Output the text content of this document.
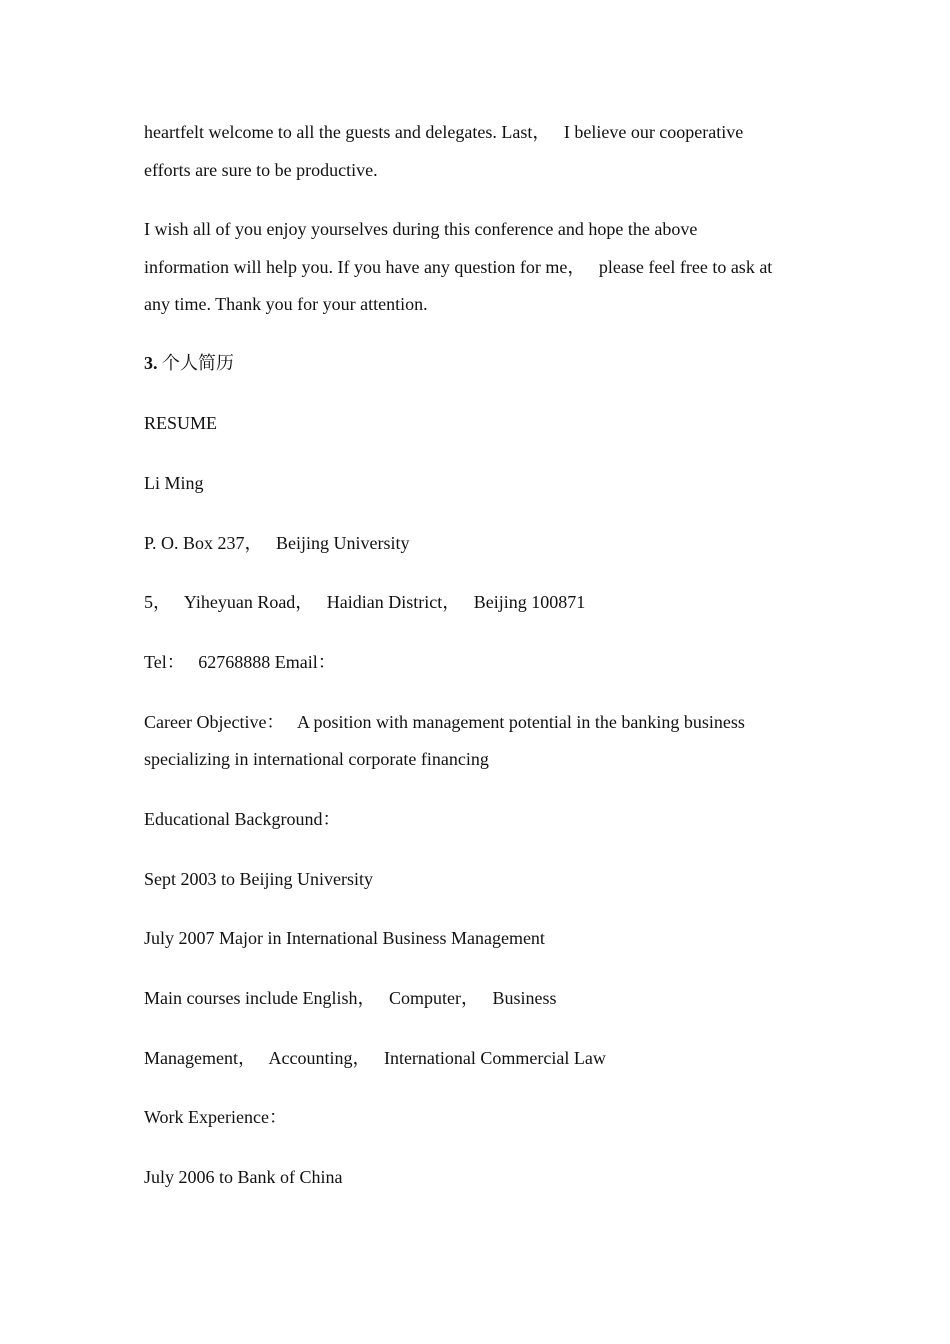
heartfelt welcome to all the guests and delegates. Last，   I believe our cooperative
efforts are sure to be productive.
I wish all of you enjoy yourselves during this conference and hope the above
information will help you. If you have any question for me，   please feel free to ask at
any time. Thank you for your attention.
3. 个人简历
RESUME
Li Ming
P. O. Box 237，   Beijing University
5，   Yiheyuan Road，   Haidian District，   Beijing 100871
Tel：   62768888 Email：
Career Objective：   A position with management potential in the banking business
specializing in international corporate financing
Educational Background：
Sept 2003 to Beijing University
July 2007 Major in International Business Management
Main courses include English，   Computer，   Business
Management，   Accounting，   International Commercial Law
Work Experience：
July 2006 to Bank of China
